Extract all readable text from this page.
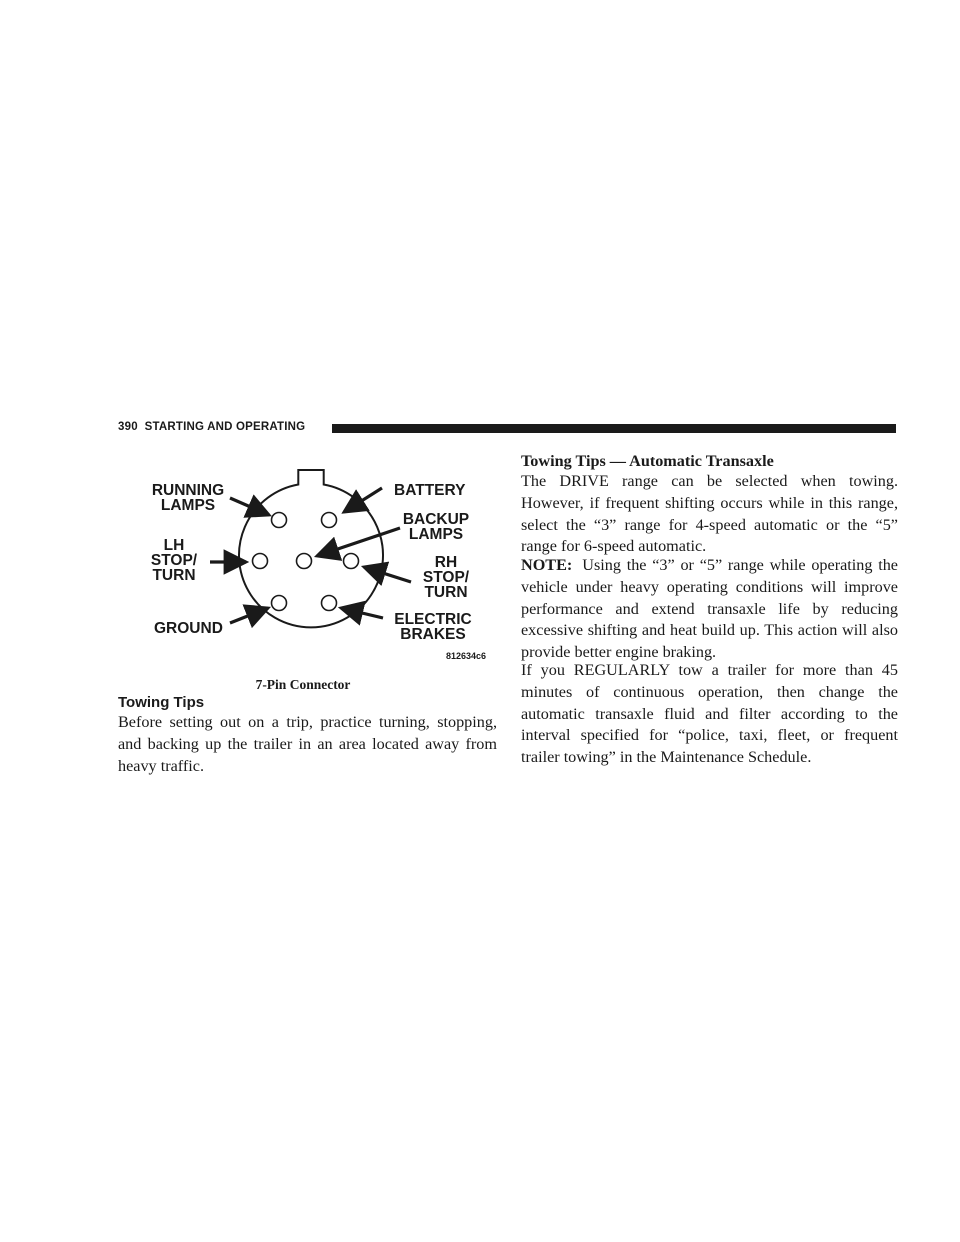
390 STARTING AND OPERATING
RUNNING
LAMPS
BATTERY
BACKUP
LAMPS
LH
STOP/
TURN
RH
STOP/
TURN
GROUND
ELECTRIC
BRAKES
812634c6
7-Pin Connector
Towing Tips
Before setting out on a trip, practice turning, stopping, and backing up the trailer in an area located away from heavy traffic.
Towing Tips — Automatic Transaxle
The DRIVE range can be selected when towing. However, if frequent shifting occurs while in this range, select the “3” range for 4-speed automatic or the “5” range for 6-speed automatic.
NOTE: Using the “3” or “5” range while operating the vehicle under heavy operating conditions will improve performance and extend transaxle life by reducing excessive shifting and heat build up. This action will also provide better engine braking.
If you REGULARLY tow a trailer for more than 45 minutes of continuous operation, then change the automatic transaxle fluid and filter according to the interval specified for “police, taxi, fleet, or frequent trailer towing” in the Maintenance Schedule.
